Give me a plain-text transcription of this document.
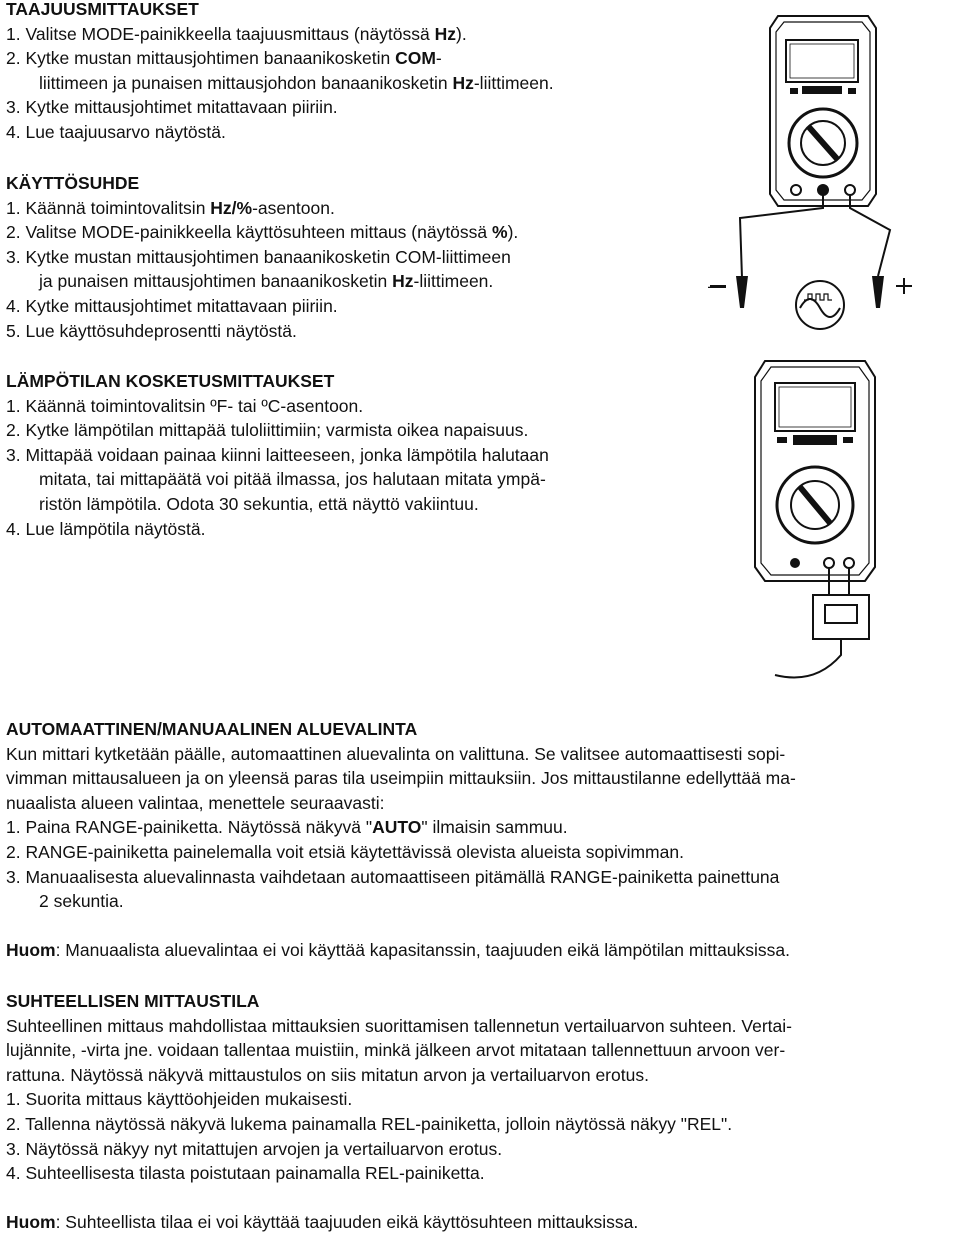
TAAJUUSMITTAUKSET
1. Valitse MODE-painikkeella taajuusmittaus (näytössä Hz).
2. Kytke mustan mittausjohtimen banaanikosketin COM-
liittimeen ja punaisen mittausjohdon banaanikosketin Hz-liittimeen.
3. Kytke mittausjohtimet mitattavaan piiriin.
4. Lue taajuusarvo näytöstä.
KÄYTTÖSUHDE
1. Käännä toimintovalitsin Hz/%-asentoon.
2. Valitse MODE-painikkeella käyttösuhteen mittaus (näytössä %).
3. Kytke mustan mittausjohtimen banaanikosketin COM-liittimeen
ja punaisen mittausjohtimen banaanikosketin Hz-liittimeen.
4. Kytke mittausjohtimet mitattavaan piiriin.
5. Lue käyttösuhdeprosentti näytöstä.
LÄMPÖTILAN KOSKETUSMITTAUKSET
1. Käännä toimintovalitsin ºF- tai ºC-asentoon.
2. Kytke lämpötilan mittapää tuloliittimiin; varmista oikea napaisuus.
3. Mittapää voidaan painaa kiinni laitteeseen, jonka lämpötila halutaan
mitata, tai mittapäätä voi pitää ilmassa, jos halutaan mitata ympä-
ristön lämpötila. Odota 30 sekuntia, että näyttö vakiintuu.
4. Lue lämpötila näytöstä.
AUTOMAATTINEN/MANUAALINEN ALUEVALINTA
Kun mittari kytketään päälle, automaattinen aluevalinta on valittuna. Se valitsee automaattisesti sopi-
vimman mittausalueen ja on yleensä paras tila useimpiin mittauksiin. Jos mittaustilanne edellyttää ma-
nuaalista alueen valintaa, menettele seuraavasti:
1. Paina RANGE-painiketta. Näytössä näkyvä "AUTO" ilmaisin sammuu.
2. RANGE-painiketta painelemalla voit etsiä käytettävissä olevista alueista sopivimman.
3. Manuaalisesta aluevalinnasta vaihdetaan automaattiseen pitämällä RANGE-painiketta painettuna
2 sekuntia.
Huom: Manuaalista aluevalintaa ei voi käyttää kapasitanssin, taajuuden eikä lämpötilan mittauksissa.
SUHTEELLISEN MITTAUSTILA
Suhteellinen mittaus mahdollistaa mittauksien suorittamisen tallennetun vertailuarvon suhteen. Vertai-
lujännite, -virta jne. voidaan tallentaa muistiin, minkä jälkeen arvot mitataan tallennettuun arvoon ver-
rattuna. Näytössä näkyvä mittaustulos on siis mitatun arvon ja vertailuarvon erotus.
1. Suorita mittaus käyttöohjeiden mukaisesti.
2. Tallenna näytössä näkyvä lukema painamalla REL-painiketta, jolloin näytössä näkyy "REL".
3. Näytössä näkyy nyt mitattujen arvojen ja vertailuarvon erotus.
4. Suhteellisesta tilasta poistutaan painamalla REL-painiketta.
Huom: Suhteellista tilaa ei voi käyttää taajuuden eikä käyttösuhteen mittauksissa.
—
